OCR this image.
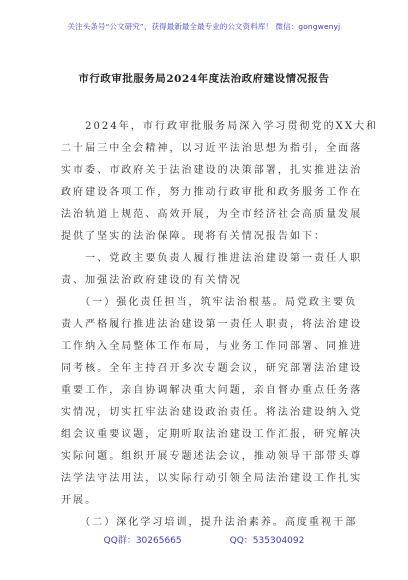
关注头条号“公文研究”，获得最新最全最专业的公文资料库！ 微信：gongwenyj
市行政审批服务局2024年度法治政府建设情况报告
　　2024年，市行政审批服务局深入学习贯彻党的XX大和
二十届三中全会精神，以习近平法治思想为指引，全面落
实市委、市政府关于法治建设的决策部署，扎实推进法治
政府建设各项工作，努力推动行政审批和政务服务工作在
法治轨道上规范、高效开展，为全市经济社会高质量发展
提供了坚实的法治保障。现将有关情况报告如下：
　　一、党政主要负责人履行推进法治建设第一责任人职
责、加强法治政府建设的有关情况
　　（一）强化责任担当，筑牢法治根基。局党政主要负
责人严格履行推进法治建设第一责任人职责，将法治建设
工作纳入全局整体工作布局，与业务工作同部署、同推进
同考核。全年主持召开多次专题会议，研究部署法治建设
重要工作，亲自协调解决重大问题，亲自督办重点任务落
实情况，切实扛牢法治建设政治责任。将法治建设纳入党
组会议重要议题，定期听取法治建设工作汇报，研究解决
实际问题。组织开展专题述法会议，推动领导干部带头尊
法学法守法用法，以实际行动引领全局法治建设工作扎实
开展。
　　（二）深化学习培训，提升法治素养。高度重视干部
QQ群：30265665	QQ：535304092
